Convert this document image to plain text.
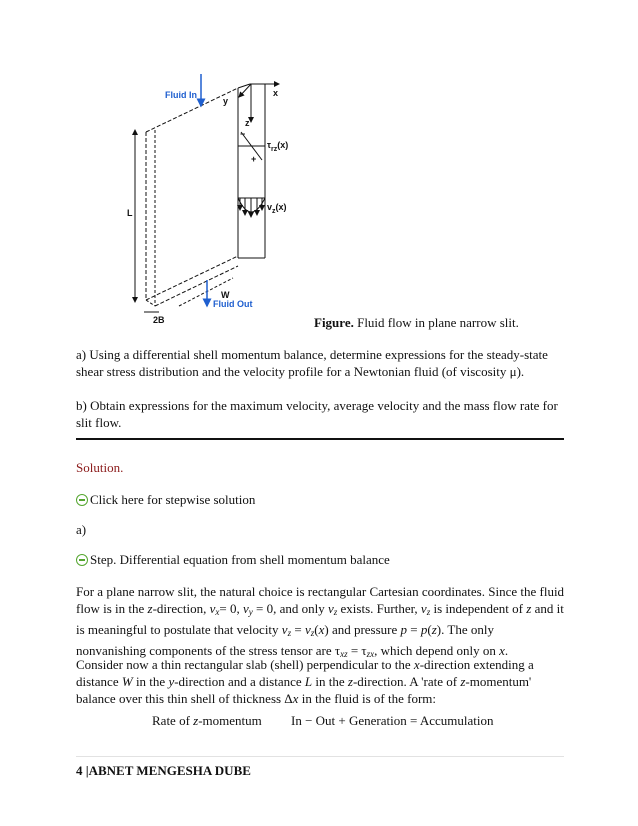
Fluid In
Fluid Out
y
x
z
−
+
$\tau_{rz}(x)$
$v_z(x)$
L
W
2B	Figure. Fluid flow in plane narrow slit.

a) Using a differential shell momentum balance, determine expressions for the steady-state shear stress distribution and the velocity profile for a Newtonian fluid (of viscosity μ).

b) Obtain expressions for the maximum velocity, average velocity and the mass flow rate for slit flow.

Solution.
Click here for stepwise solution
a)
Step. Differential equation from shell momentum balance

For a plane narrow slit, the natural choice is rectangular Cartesian coordinates. Since the fluid flow is in the z-direction, $v_x= 0$, $v_y = 0$, and only $v_z$ exists. Further, $v_z$ is independent of z and it is meaningful to postulate that velocity $v_z = v_z(x)$ and pressure p = p(z). The only nonvanishing components of the stress tensor are $\tau_{xz} = \tau_{zx}$, which depend only on x.

Consider now a thin rectangular slab (shell) perpendicular to the x-direction extending a distance W in the y-direction and a distance L in the z-direction. A 'rate of z-momentum' balance over this thin shell of thickness Δx in the fluid is of the form:

Rate of z-momentum In − Out + Generation = Accumulation
4 |ABNET MENGESHA DUBE
